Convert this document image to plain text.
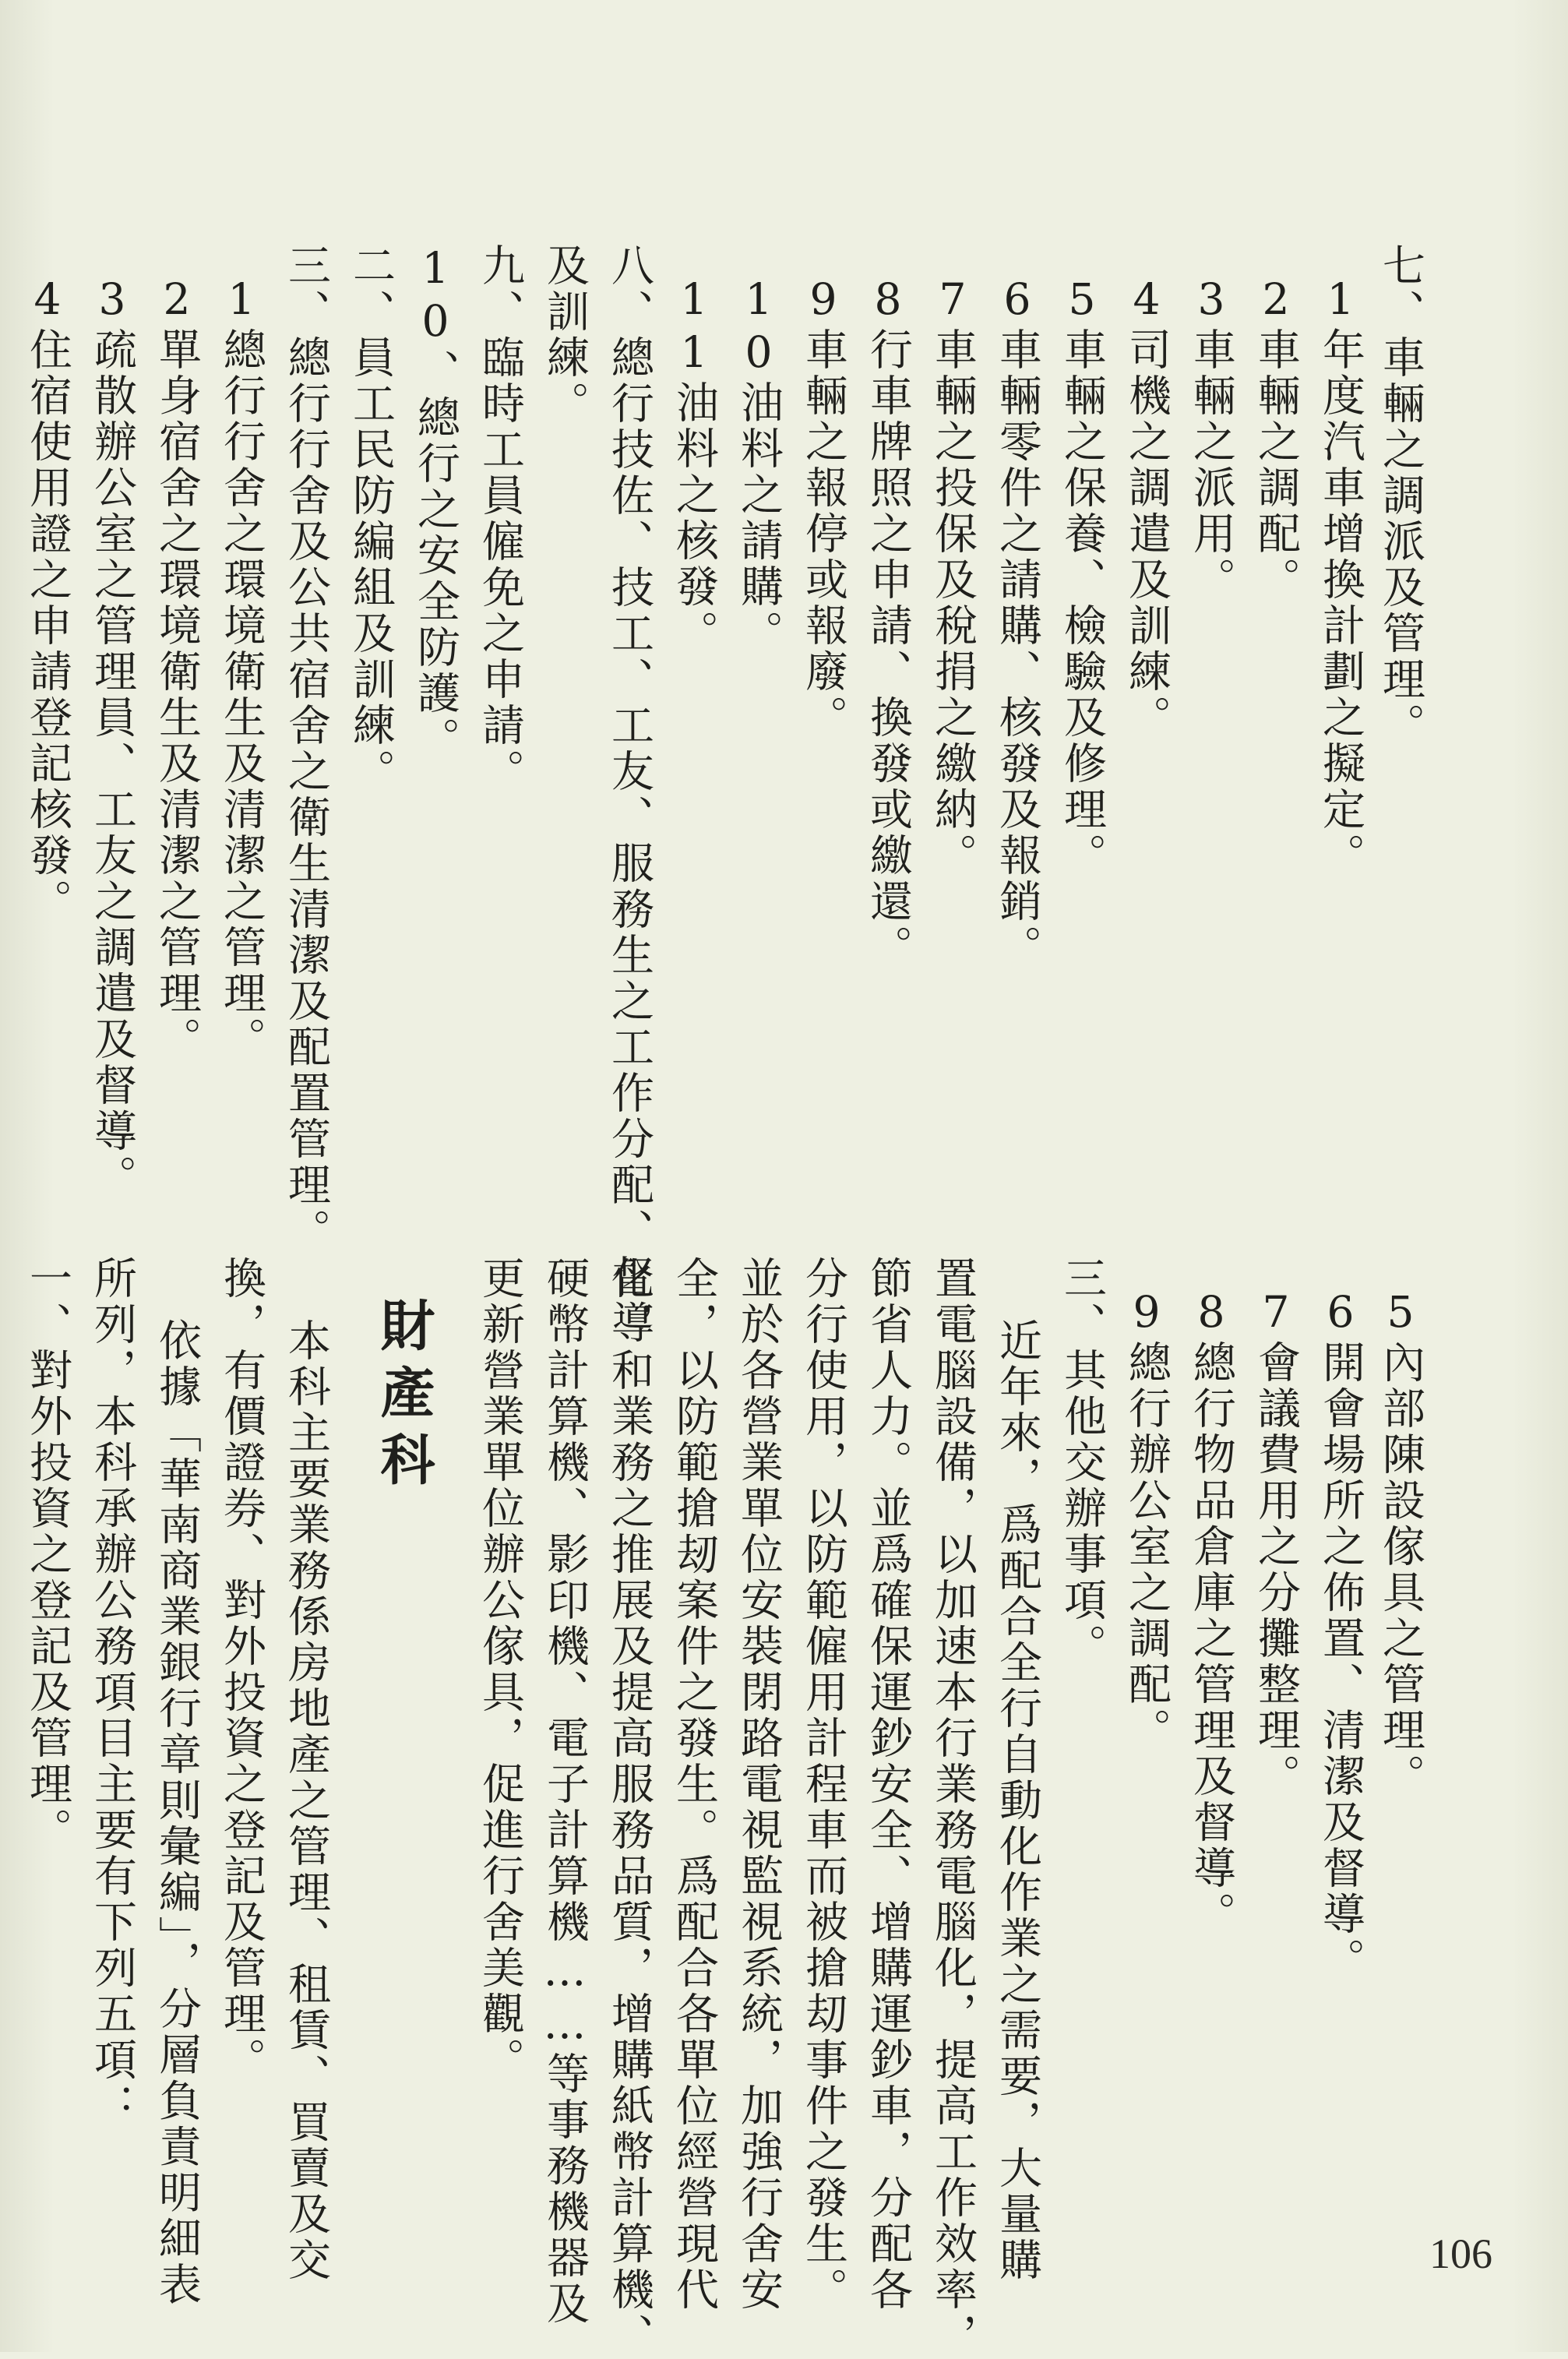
七、車輛之調派及管理。
1年度汽車增換計劃之擬定。
2車輛之調配。
3車輛之派用。
4司機之調遣及訓練。
5車輛之保養、檢驗及修理。
6車輛零件之請購、核發及報銷。
7車輛之投保及稅捐之繳納。
8行車牌照之申請、換發或繳還。
9車輛之報停或報廢。
10油料之請購。
11油料之核發。
八、總行技佐、技工、工友、服務生之工作分配、督導
及訓練。
九、臨時工員僱免之申請。
10、總行之安全防護。
二、員工民防編組及訓練。
三、總行行舍及公共宿舍之衛生清潔及配置管理。
1總行行舍之環境衛生及清潔之管理。
2單身宿舍之環境衛生及清潔之管理。
3疏散辦公室之管理員、工友之調遣及督導。
4住宿使用證之申請登記核發。
5內部陳設傢具之管理。
6開會場所之佈置、清潔及督導。
7會議費用之分攤整理。
8總行物品倉庫之管理及督導。
9總行辦公室之調配。
三、其他交辦事項。
近年來，爲配合全行自動化作業之需要，大量購
置電腦設備，以加速本行業務電腦化，提高工作效率，
節省人力。並爲確保運鈔安全、增購運鈔車，分配各
分行使用，以防範僱用計程車而被搶刧事件之發生。
並於各營業單位安裝閉路電視監視系統，加強行舍安
全，以防範搶刼案件之發生。爲配合各單位經營現代
化，和業務之推展及提高服務品質，增購紙幣計算機、
硬幣計算機、影印機、電子計算機……等事務機器及
更新營業單位辦公傢具，促進行舍美觀。
財產科
本科主要業務係房地產之管理、租賃、買賣及交
換，有價證券、對外投資之登記及管理。
依據「華南商業銀行章則彙編」，分層負責明細表
所列，本科承辦公務項目主要有下列五項：
一、對外投資之登記及管理。
106
